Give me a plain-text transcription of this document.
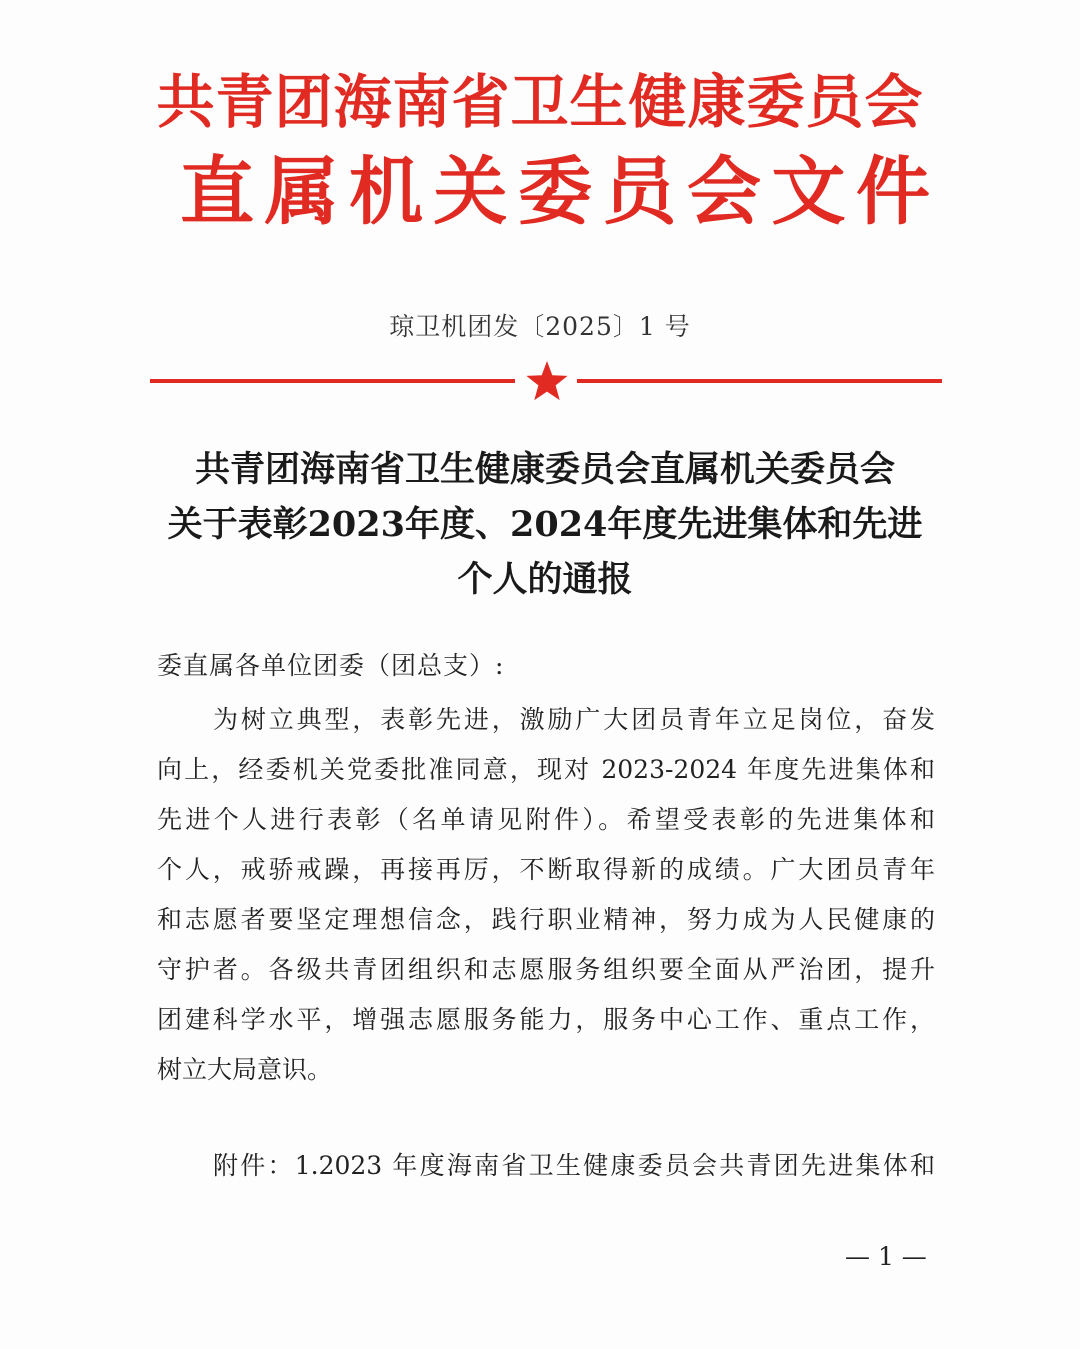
共青团海南省卫生健康委员会
直 属 机 关 委 员 会 文 件
琼卫机团发〔2025〕1 号
共青团海南省卫生健康委员会直属机关委员会
关于表彰2023年度、2024年度先进集体和先进
个人的通报
委直属各单位团委（团总支）:
为树立典型，表彰先进，激励广大团员青年立足岗位，奋发
向上，经委机关党委批准同意，现对 2023-2024 年度先进集体和
先进个人进行表彰（名单请见附件）。希望受表彰的先进集体和
个人，戒骄戒躁，再接再厉，不断取得新的成绩。广大团员青年
和志愿者要坚定理想信念，践行职业精神，努力成为人民健康的
守护者。各级共青团组织和志愿服务组织要全面从严治团，提升
团建科学水平，增强志愿服务能力，服务中心工作、重点工作，
树立大局意识。
附件：1.2023 年度海南省卫生健康委员会共青团先进集体和
— 1 —
